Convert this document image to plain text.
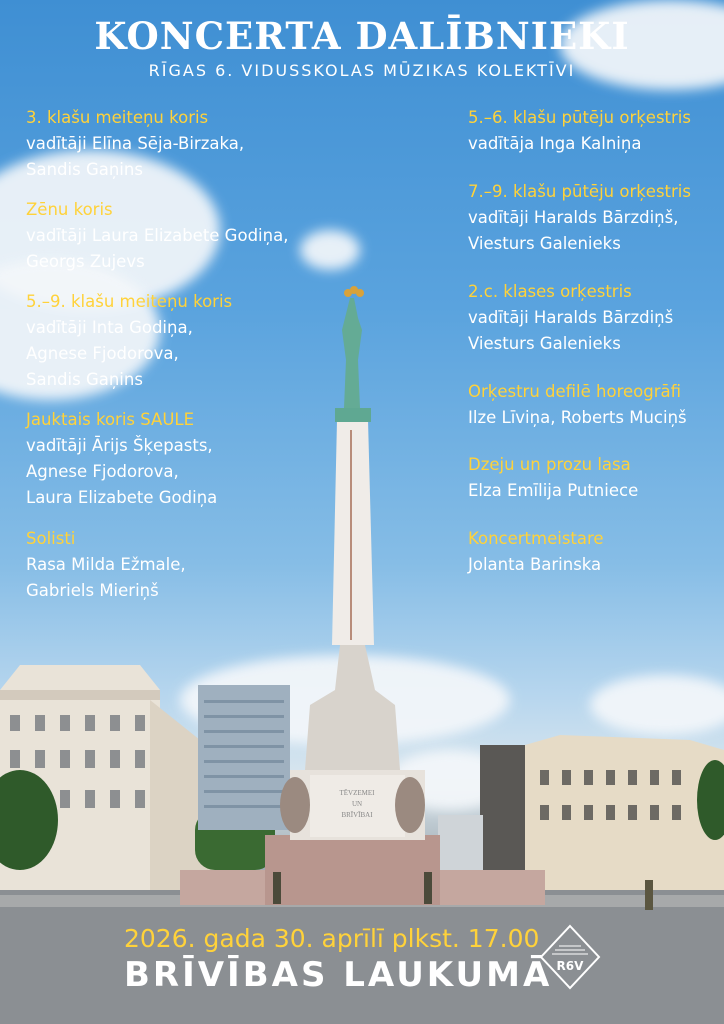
TĒVZEMEI
UN
BRĪVĪBAI
KONCERTA DALĪBNIEKI
RĪGAS 6. VIDUSSKOLAS MŪZIKAS KOLEKTĪVI
3. klašu meiteņu koris
vadītāji Elīna Sēja-Birzaka,
Sandis Gaņins
Zēnu koris
vadītāji Laura Elizabete Godiņa,
Georgs Zujevs
5.–9. klašu meiteņu koris
vadītāji Inta Godiņa,
Agnese Fjodorova,
Sandis Gaņins
Jauktais koris SAULE
vadītāji Ārijs Šķepasts,
Agnese Fjodorova,
Laura Elizabete Godiņa
Solisti
Rasa Milda Ežmale,
Gabriels Mieriņš
5.–6. klašu pūtēju orķestris
vadītāja Inga Kalniņa
7.–9. klašu pūtēju orķestris
vadītāji Haralds Bārzdiņš,
Viesturs Galenieks
2.c. klases orķestris
vadītāji Haralds Bārzdiņš
Viesturs Galenieks
Orķestru defilē horeogrāfi
Ilze Līviņa, Roberts Muciņš
Dzeju un prozu lasa
Elza Emīlija Putniece
Koncertmeistare
Jolanta Barinska
2026. gada 30. aprīlī plkst. 17.00
BRĪVĪBAS LAUKUMĀ R6V
